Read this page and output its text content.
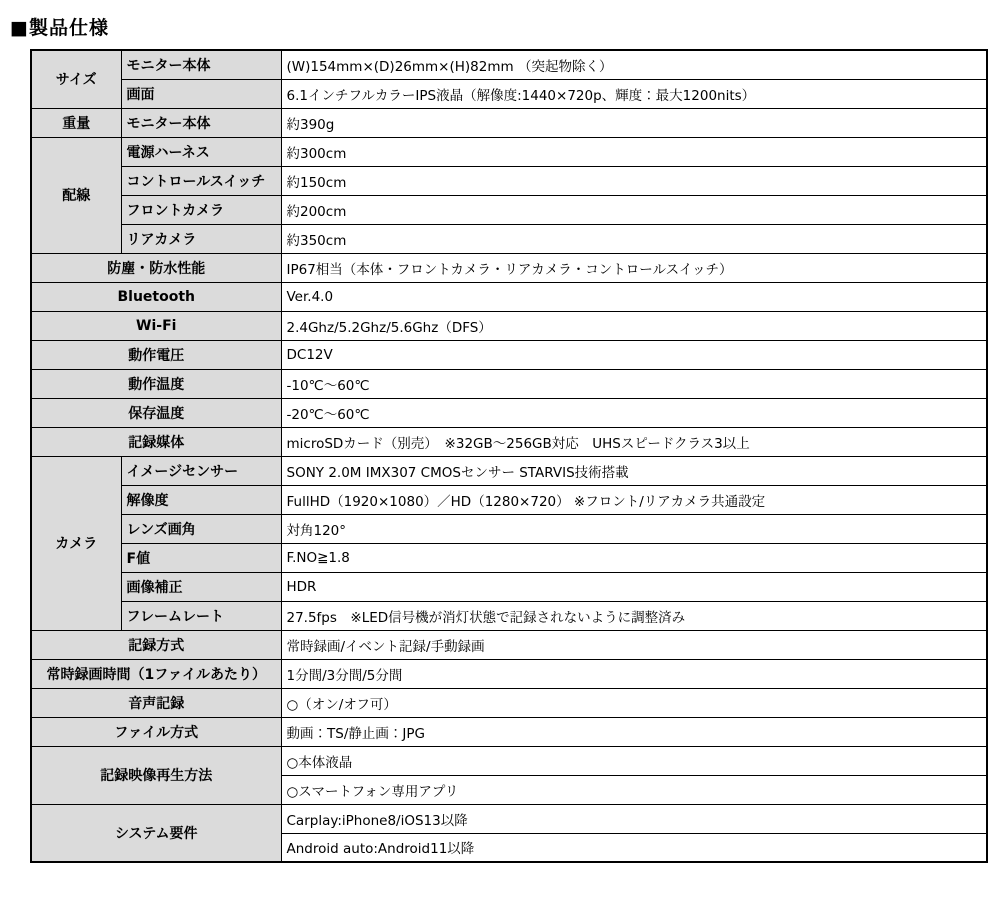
■製品仕様
サイズ	モニター本体	(W)154mm×(D)26mm×(H)82mm （突起物除く）
	画面	6.1インチフルカラーIPS液晶（解像度:1440×720p、輝度：最大1200nits）
重量	モニター本体	約390g
配線	電源ハーネス	約300cm
	コントロールスイッチ	約150cm
	フロントカメラ	約200cm
	リアカメラ	約350cm
防塵・防水性能		IP67相当（本体・フロントカメラ・リアカメラ・コントロールスイッチ）
Bluetooth		Ver.4.0
Wi-Fi		2.4Ghz/5.2Ghz/5.6Ghz（DFS）
動作電圧		DC12V
動作温度		-10℃～60℃
保存温度		-20℃～60℃
記録媒体		microSDカード（別売）　※32GB～256GB対応　UHSスピードクラス3以上
カメラ	イメージセンサー	SONY 2.0M IMX307 CMOSセンサー STARVIS技術搭載
	解像度	FullHD（1920×1080）／HD（1280×720） ※フロント/リアカメラ共通設定
	レンズ画角	対角120°
	F値	F.NO≧1.8
	画像補正	HDR
	フレームレート	27.5fps　※LED信号機が消灯状態で記録されないように調整済み
記録方式		常時録画/イベント記録/手動録画
常時録画時間（1ファイルあたり）		1分間/3分間/5分間
音声記録		○（オン/オフ可）
ファイル方式		動画：TS/静止画：JPG
記録映像再生方法		○本体液晶
		○スマートフォン専用アプリ
システム要件		Carplay:iPhone8/iOS13以降
		Android auto:Android11以降
